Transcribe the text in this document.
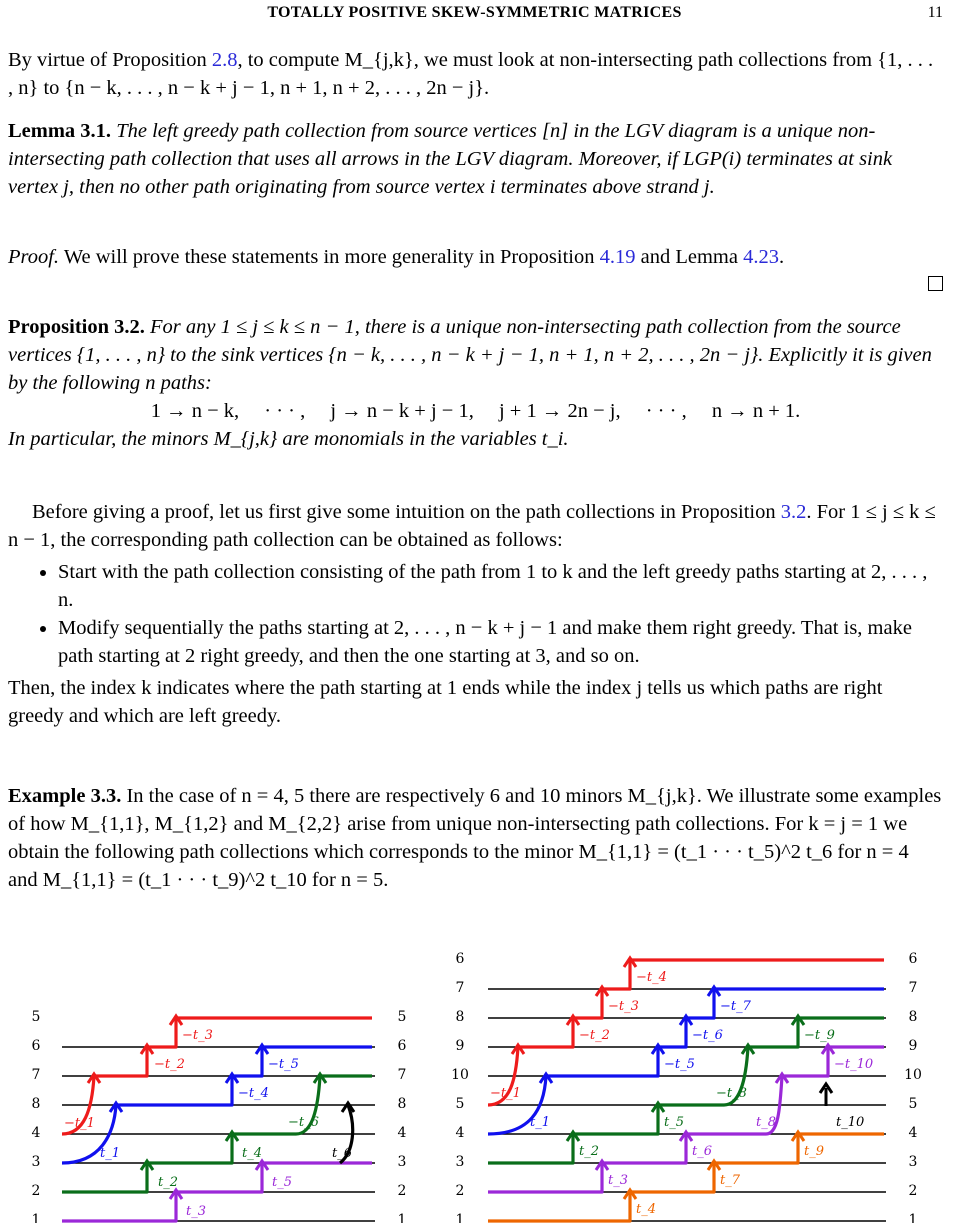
TOTALLY POSITIVE SKEW-SYMMETRIC MATRICES	11

By virtue of Proposition 2.8, to compute M_{j,k}, we must look at non-intersecting path collections from {1, . . . , n} to {n − k, . . . , n − k + j − 1, n + 1, n + 2, . . . , 2n − j}.

Lemma 3.1. The left greedy path collection from source vertices [n] in the LGV diagram is a unique non-intersecting path collection that uses all arrows in the LGV diagram. Moreover, if LGP(i) terminates at sink vertex j, then no other path originating from source vertex i terminates above strand j.

Proof. We will prove these statements in more generality in Proposition 4.19 and Lemma 4.23.

Proposition 3.2. For any 1 ≤ j ≤ k ≤ n − 1, there is a unique non-intersecting path collection from the source vertices {1, . . . , n} to the sink vertices {n − k, . . . , n − k + j − 1, n + 1, n + 2, . . . , 2n − j}. Explicitly it is given by the following n paths:

1 → n − k, · · · , j → n − k + j − 1, j + 1 → 2n − j, · · · , n → n + 1.

In particular, the minors M_{j,k} are monomials in the variables t_i.

Before giving a proof, let us first give some intuition on the path collections in Proposition 3.2. For 1 ≤ j ≤ k ≤ n − 1, the corresponding path collection can be obtained as follows:

• Start with the path collection consisting of the path from 1 to k and the left greedy paths starting at 2, . . . , n.
• Modify sequentially the paths starting at 2, . . . , n − k + j − 1 and make them right greedy. That is, make path starting at 2 right greedy, and then the one starting at 3, and so on.

Then, the index k indicates where the path starting at 1 ends while the index j tells us which paths are right greedy and which are left greedy.

Example 3.3. In the case of n = 4, 5 there are respectively 6 and 10 minors M_{j,k}. We illustrate some examples of how M_{1,1}, M_{1,2} and M_{2,2} arise from unique non-intersecting path collections. For k = j = 1 we obtain the following path collections which corresponds to the minor M_{1,1} = (t_1 · · · t_5)^2 t_6 for n = 4 and M_{1,1} = (t_1 · · · t_9)^2 t_10 for n = 5.

5
6
7
8
4
3
2
1
5
6
7
8
4
3
2
1
−t_3
−t_2	−t_5
−t_4
−t_1	−t_6
t_1	t_6
t_4
t_2	t_5
t_3
6
7
8
9
10
5
4
3
2
1
6
7
8
9
10
5
4
3
2
1
−t_4
−t_3	−t_7
−t_2	−t_6	−t_9
−t_5	−t_10
−t_1	−t_8
t_1	t_5	t_8	t_10
t_2	t_6	t_9
t_3	t_7
t_4
